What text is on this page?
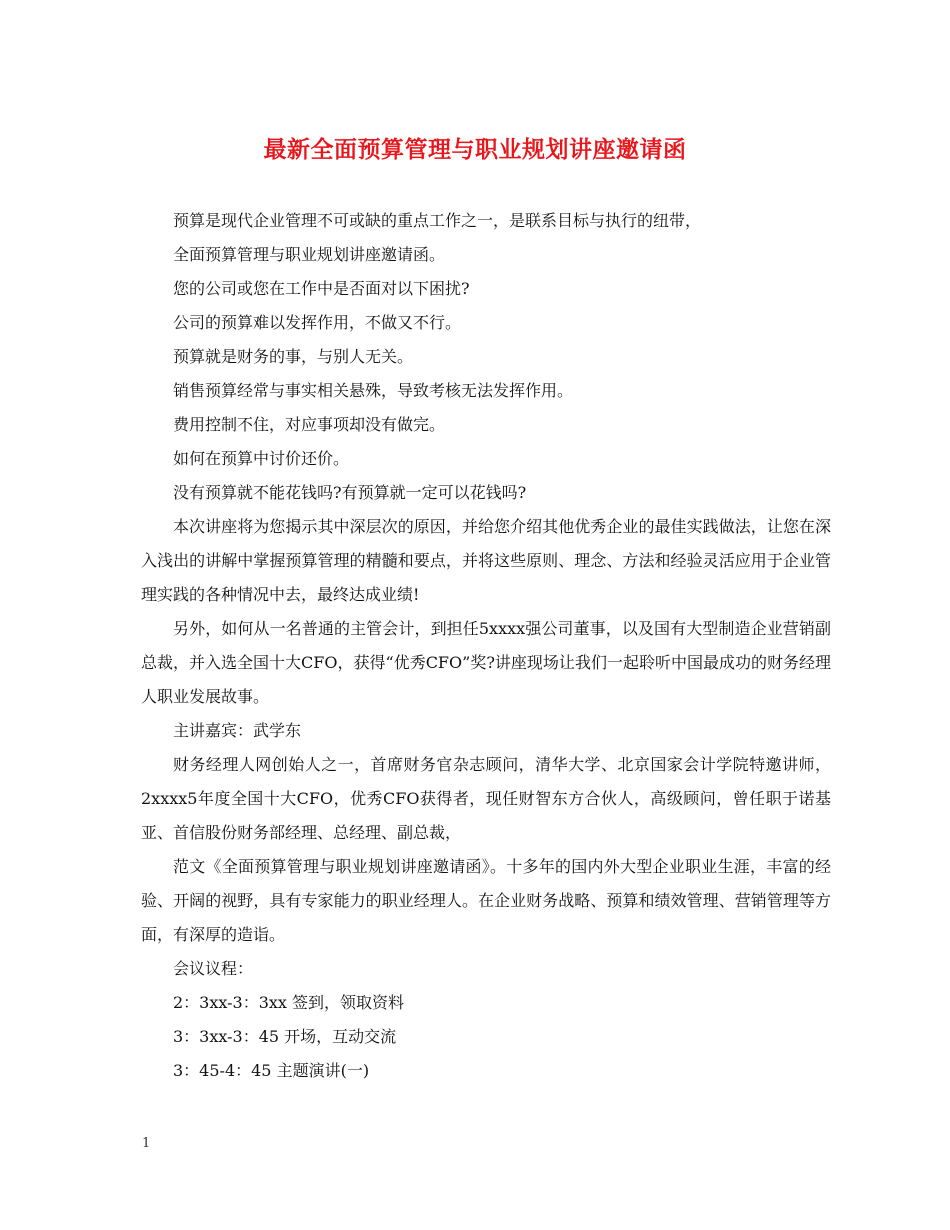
最新全面预算管理与职业规划讲座邀请函

预算是现代企业管理不可或缺的重点工作之一，是联系目标与执行的纽带，

全面预算管理与职业规划讲座邀请函。

您的公司或您在工作中是否面对以下困扰?

公司的预算难以发挥作用，不做又不行。

预算就是财务的事，与别人无关。

销售预算经常与事实相关悬殊，导致考核无法发挥作用。

费用控制不住，对应事项却没有做完。

如何在预算中讨价还价。

没有预算就不能花钱吗?有预算就一定可以花钱吗?

本次讲座将为您揭示其中深层次的原因，并给您介绍其他优秀企业的最佳实践做法，让您在深入浅出的讲解中掌握预算管理的精髓和要点，并将这些原则、理念、方法和经验灵活应用于企业管理实践的各种情况中去，最终达成业绩!

另外，如何从一名普通的主管会计，到担任5xxxx强公司董事，以及国有大型制造企业营销副总裁，并入选全国十大CFO，获得“优秀CFO”奖?讲座现场让我们一起聆听中国最成功的财务经理人职业发展故事。

主讲嘉宾：武学东

财务经理人网创始人之一，首席财务官杂志顾问，清华大学、北京国家会计学院特邀讲师，2xxxx5年度全国十大CFO，优秀CFO获得者，现任财智东方合伙人，高级顾问，曾任职于诺基亚、首信股份财务部经理、总经理、副总裁，

范文《全面预算管理与职业规划讲座邀请函》。十多年的国内外大型企业职业生涯，丰富的经验、开阔的视野，具有专家能力的职业经理人。在企业财务战略、预算和绩效管理、营销管理等方面，有深厚的造诣。

会议议程：

2：3xx-3：3xx 签到，领取资料

3：3xx-3：45 开场，互动交流

3：45-4：45 主题演讲(一)

1
